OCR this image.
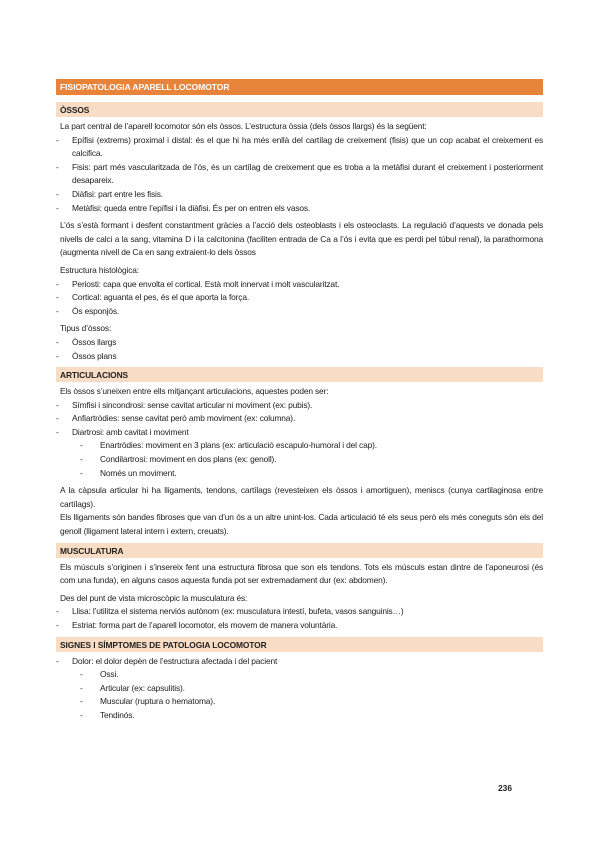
FISIOPATOLOGIA APARELL LOCOMOTOR
ÒSSOS
La part central de l’aparell locomotor són els òssos. L’estructura òssia (dels òssos llargs) és la següent:
- Epífisi (extrems) proximal i distal: és el que hi ha més enllà del cartílag de creixement (fisis) que un cop acabat el creixement es calcifica.
- Fisis: part més vascularitzada de l’ós, és un cartílag de creixement que es troba a la metàfisi durant el creixement i posteriorment desapareix.
- Diàfisi: part entre les fisis.
- Metàfisi: queda entre l’epífisi i la diàfisi. És per on entren els vasos.
L’ós s’està formant i desfent constantment gràcies a l’acció dels osteoblasts i els osteoclasts. La regulació d’aquests ve donada pels nivells de calci a la sang, vitamina D i la calcitonina (faciliten entrada de Ca a l’ós i evita que es perdi pel túbul renal), la parathormona (augmenta nivell de Ca en sang extraient-lo dels òssos
Estructura histològica:
- Periosti: capa que envolta el cortical. Està molt innervat i molt vascularitzat.
- Cortical: aguanta el pes, és el que aporta la força.
- Ós esponjós.
Tipus d’òssos:
- Òssos llargs
- Òssos plans
ARTICULACIONS
Els òssos s’uneixen entre ells mitjançant articulacions, aquestes poden ser:
- Símfisi i sincondrosi: sense cavitat articular ni moviment (ex: pubis).
- Anfiartròdies: sense cavitat però amb moviment (ex: columna).
- Diartrosi: amb cavitat i moviment
- Enartròdies: moviment en 3 plans (ex: articulació escapulo-humoral i del cap).
- Condilartrosi: moviment en dos plans (ex: genoll).
- Només un moviment.
A la càpsula articular hi ha lligaments, tendons, cartílags (revesteixen els òssos i amortiguen), meniscs (cunya cartilaginosa entre cartílags).
Els lligaments són bandes fibroses que van d’un ós a un altre unint-los. Cada articulació té els seus però els més coneguts són els del genoll (lligament lateral intern i extern, creuats).
MUSCULATURA
Els múscuIs s’originen i s’insereix fent una estructura fibrosa que son els tendons. Tots els músculs estan dintre de l’aponeurosi (és com una funda), en alguns casos aquesta funda pot ser extremadament dur (ex: abdomen).
Des del punt de vista microscòpic la musculatura és:
- Llisa: l’utilitza el sistema nerviós autònom (ex: musculatura intestí, bufeta, vasos sanguinis…)
- Estriat: forma part de l’aparell locomotor, els movem de manera voluntària.
SIGNES I SÍMPTOMES DE PATOLOGIA LOCOMOTOR
- Dolor: el dolor depèn de l’estructura afectada i del pacient
- Ossi.
- Articular (ex: capsulitis).
- Muscular (ruptura o hematoma).
- Tendinós.
236
